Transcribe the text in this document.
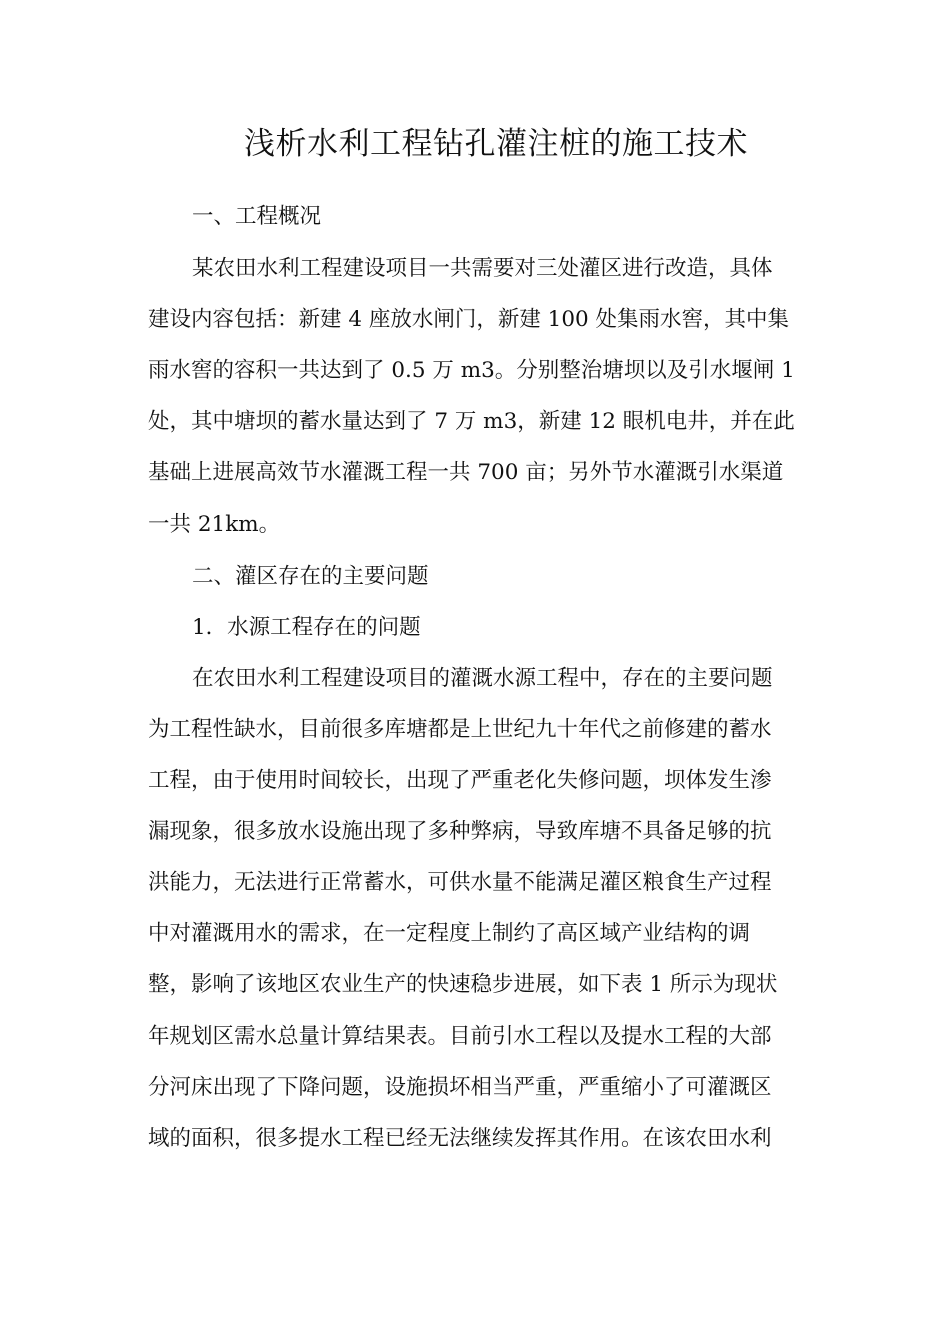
浅析水利工程钻孔灌注桩的施工技术
一、工程概况
某农田水利工程建设项目一共需要对三处灌区进行改造，具体
建设内容包括：新建 4 座放水闸门，新建 100 处集雨水窖，其中集
雨水窖的容积一共达到了 0.5 万 m3。分别整治塘坝以及引水堰闸 1
处，其中塘坝的蓄水量达到了 7 万 m3，新建 12 眼机电井，并在此
基础上进展高效节水灌溉工程一共 700 亩；另外节水灌溉引水渠道
一共 21km。
二、灌区存在的主要问题
1．水源工程存在的问题
在农田水利工程建设项目的灌溉水源工程中，存在的主要问题
为工程性缺水，目前很多库塘都是上世纪九十年代之前修建的蓄水
工程，由于使用时间较长，出现了严重老化失修问题，坝体发生渗
漏现象，很多放水设施出现了多种弊病，导致库塘不具备足够的抗
洪能力，无法进行正常蓄水，可供水量不能满足灌区粮食生产过程
中对灌溉用水的需求，在一定程度上制约了高区域产业结构的调
整，影响了该地区农业生产的快速稳步进展，如下表 1 所示为现状
年规划区需水总量计算结果表。目前引水工程以及提水工程的大部
分河床出现了下降问题，设施损坏相当严重，严重缩小了可灌溉区
域的面积，很多提水工程已经无法继续发挥其作用。在该农田水利
